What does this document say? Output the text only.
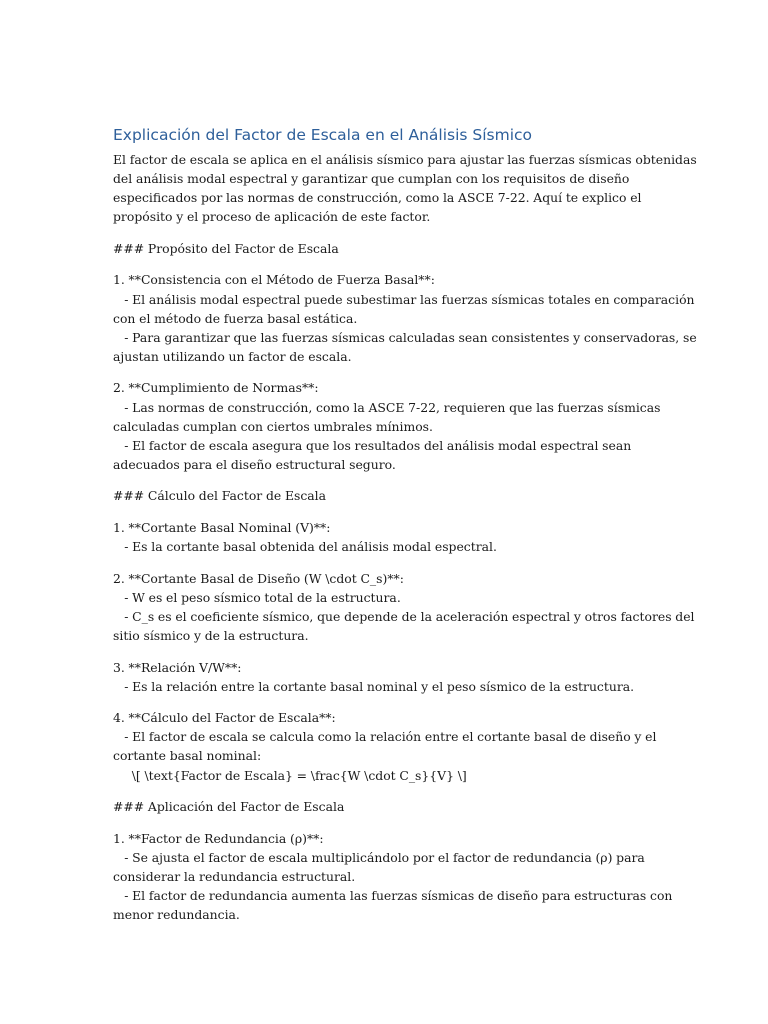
Explicación del Factor de Escala en el Análisis Sísmico
El factor de escala se aplica en el análisis sísmico para ajustar las fuerzas sísmicas obtenidas
del análisis modal espectral y garantizar que cumplan con los requisitos de diseño
especificados por las normas de construcción, como la ASCE 7-22. Aquí te explico el
propósito y el proceso de aplicación de este factor.
### Propósito del Factor de Escala
1. **Consistencia con el Método de Fuerza Basal**:
- El análisis modal espectral puede subestimar las fuerzas sísmicas totales en comparación
con el método de fuerza basal estática.
- Para garantizar que las fuerzas sísmicas calculadas sean consistentes y conservadoras, se
ajustan utilizando un factor de escala.
2. **Cumplimiento de Normas**:
- Las normas de construcción, como la ASCE 7-22, requieren que las fuerzas sísmicas
calculadas cumplan con ciertos umbrales mínimos.
- El factor de escala asegura que los resultados del análisis modal espectral sean
adecuados para el diseño estructural seguro.
### Cálculo del Factor de Escala
1. **Cortante Basal Nominal (V)**:
- Es la cortante basal obtenida del análisis modal espectral.
2. **Cortante Basal de Diseño (W \cdot C_s)**:
- W es el peso sísmico total de la estructura.
- C_s es el coeficiente sísmico, que depende de la aceleración espectral y otros factores del
sitio sísmico y de la estructura.
3. **Relación V/W**:
- Es la relación entre la cortante basal nominal y el peso sísmico de la estructura.
4. **Cálculo del Factor de Escala**:
- El factor de escala se calcula como la relación entre el cortante basal de diseño y el
cortante basal nominal:
\[ \text{Factor de Escala} = \frac{W \cdot C_s}{V} \]
### Aplicación del Factor de Escala
1. **Factor de Redundancia (ρ)**:
- Se ajusta el factor de escala multiplicándolo por el factor de redundancia (ρ) para
considerar la redundancia estructural.
- El factor de redundancia aumenta las fuerzas sísmicas de diseño para estructuras con
menor redundancia.
